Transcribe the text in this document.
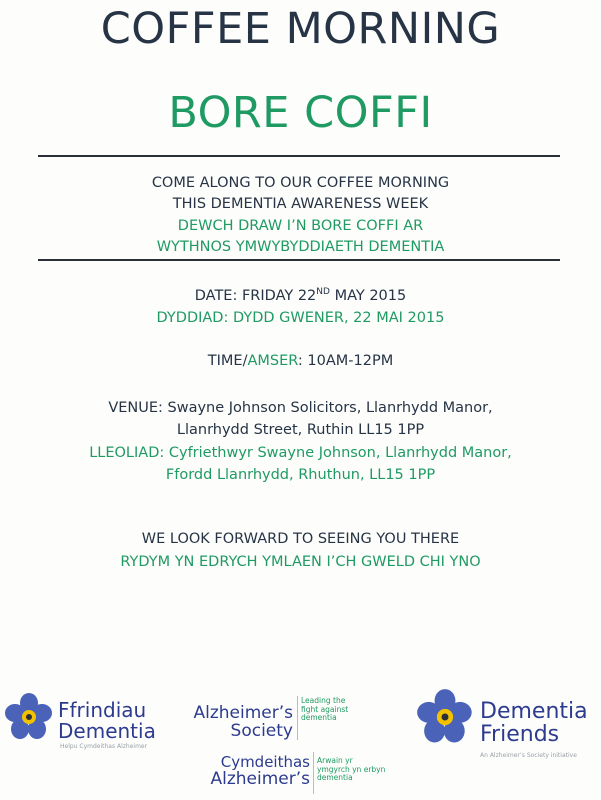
COFFEE MORNING
BORE COFFI
COME ALONG TO OUR COFFEE MORNING
THIS DEMENTIA AWARENESS WEEK
DEWCH DRAW I’N BORE COFFI AR
WYTHNOS YMWYBYDDIAETH DEMENTIA
DATE: FRIDAY 22ND MAY 2015
DYDDIAD: DYDD GWENER, 22 MAI 2015
TIME/AMSER: 10AM-12PM
VENUE: Swayne Johnson Solicitors, Llanrhydd Manor,
Llanrhydd Street, Ruthin LL15 1PP
LLEOLIAD: Cyfriethwyr Swayne Johnson, Llanrhydd Manor,
Ffordd Llanrhydd, Rhuthun, LL15 1PP
WE LOOK FORWARD TO SEEING YOU THERE
RYDYM YN EDRYCH YMLAEN I’CH GWELD CHI YNO
Ffrindiau
Dementia
Helpu Cymdeithas Alzheimer
Alzheimer’s
Society
Leading the
fight against
dementia
Cymdeithas
Alzheimer’s
Arwain yr
ymgyrch yn erbyn
dementia
Dementia
Friends
An Alzheimer’s Society initiative
